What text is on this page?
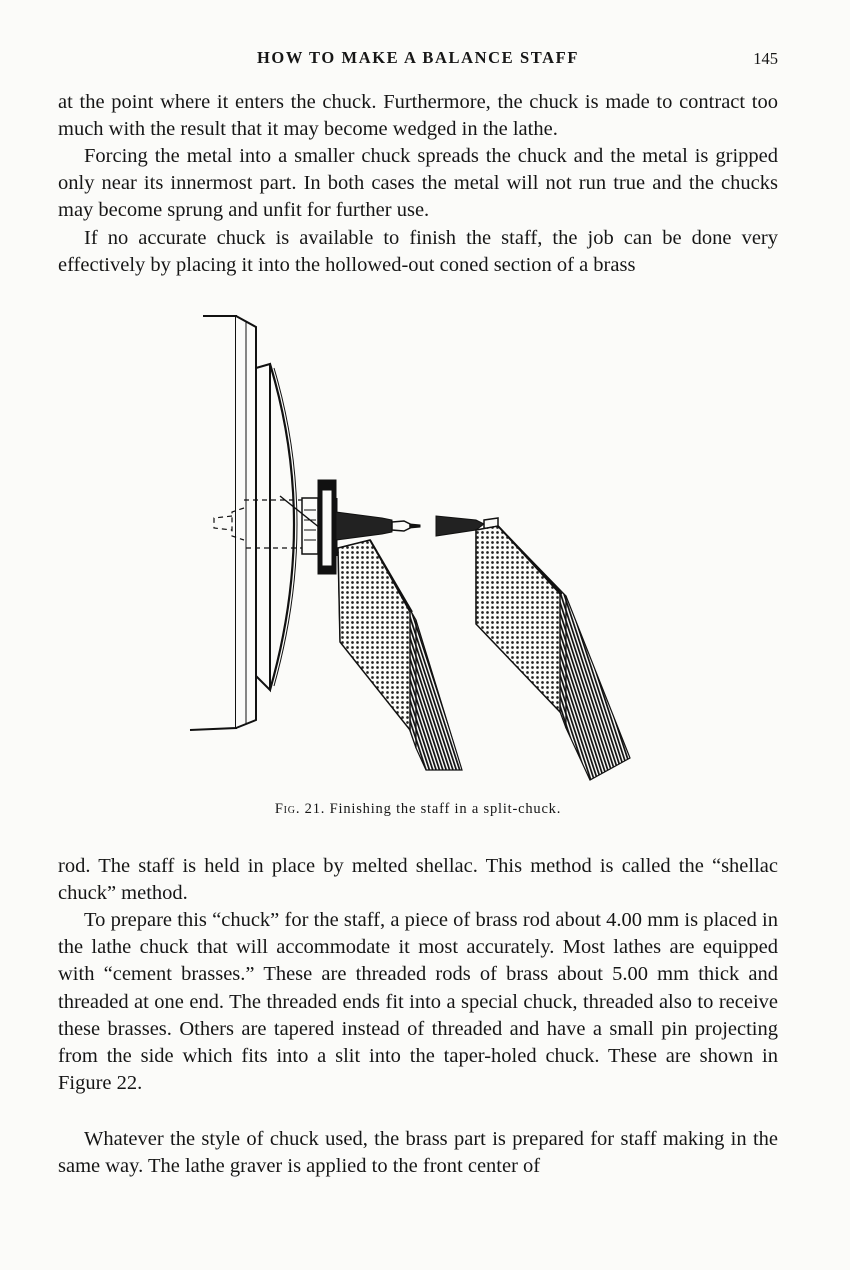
HOW TO MAKE A BALANCE STAFF	145

at the point where it enters the chuck. Furthermore, the chuck is made to contract too much with the result that it may become wedged in the lathe.

Forcing the metal into a smaller chuck spreads the chuck and the metal is gripped only near its innermost part. In both cases the metal will not run true and the chucks may become sprung and unfit for further use.

If no accurate chuck is available to finish the staff, the job can be done very effectively by placing it into the hollowed-out coned section of a brass

Fig. 21. Finishing the staff in a split-chuck.

rod. The staff is held in place by melted shellac. This method is called the “shellac chuck” method.

To prepare this “chuck” for the staff, a piece of brass rod about 4.00 mm is placed in the lathe chuck that will accommodate it most accurately. Most lathes are equipped with “cement brasses.” These are threaded rods of brass about 5.00 mm thick and threaded at one end. The threaded ends fit into a special chuck, threaded also to receive these brasses. Others are tapered instead of threaded and have a small pin projecting from the side which fits into a slit into the taper-holed chuck. These are shown in Figure 22.

Whatever the style of chuck used, the brass part is prepared for staff making in the same way. The lathe graver is applied to the front center of
